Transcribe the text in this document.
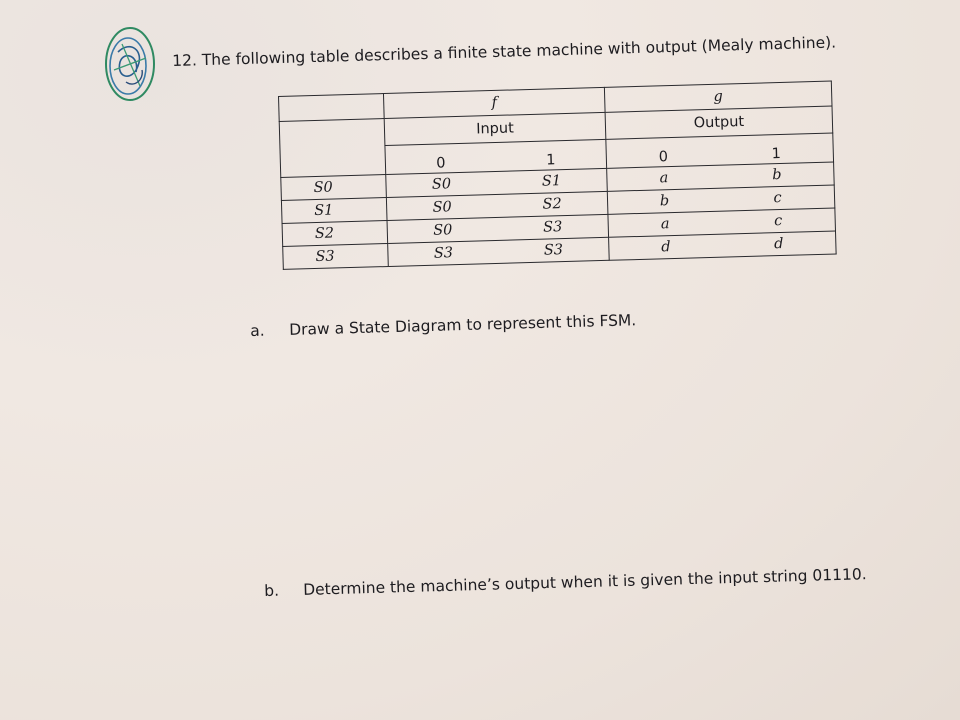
12. The following table describes a finite state machine with output (Mealy machine).
	f	g
	Input	Output
	0 1	0 1
S0	S0 S1	a b
S1	S0 S2	b c
S2	S0 S3	a c
S3	S3 S3	d d
a. Draw a State Diagram to represent this FSM.
b. Determine the machine’s output when it is given the input string 01110.
